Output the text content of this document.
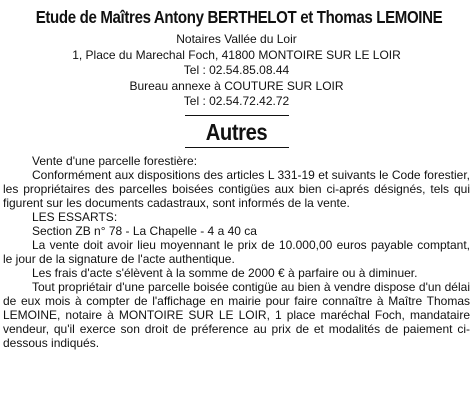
Etude de Maîtres Antony BERTHELOT et Thomas LEMOINE
Notaires Vallée du Loir
1, Place du Marechal Foch, 41800 MONTOIRE SUR LE LOIR
Tel : 02.54.85.08.44
Bureau annexe à COUTURE SUR LOIR
Tel : 02.54.72.42.72
Autres

Vente d'une parcelle forestière:

Conformément aux dispositions des articles L 331-19 et suivants le Code forestier, les propriétaires des parcelles boisées contigües aux bien ci-aprés désignés, tels qui figurent sur les documents cadastraux, sont informés de la vente.

LES ESSARTS:

Section ZB n° 78 - La Chapelle - 4 a 40 ca

La vente doit avoir lieu moyennant le prix de 10.000,00 euros payable comptant, le jour de la signature de l'acte authentique.

Les frais d'acte s'élèvent à la somme de 2000 € à parfaire ou à diminuer.

Tout propriétair d'une parcelle boisée contigüe au bien à vendre dispose d'un délai de eux mois à compter de l'affichage en mairie pour faire connaître à Maître Thomas LEMOINE, notaire à MONTOIRE SUR LE LOIR, 1 place maréchal Foch, mandataire vendeur, qu'il exerce son droit de préference au prix de et modalités de paiement ci-dessous indiqués.
